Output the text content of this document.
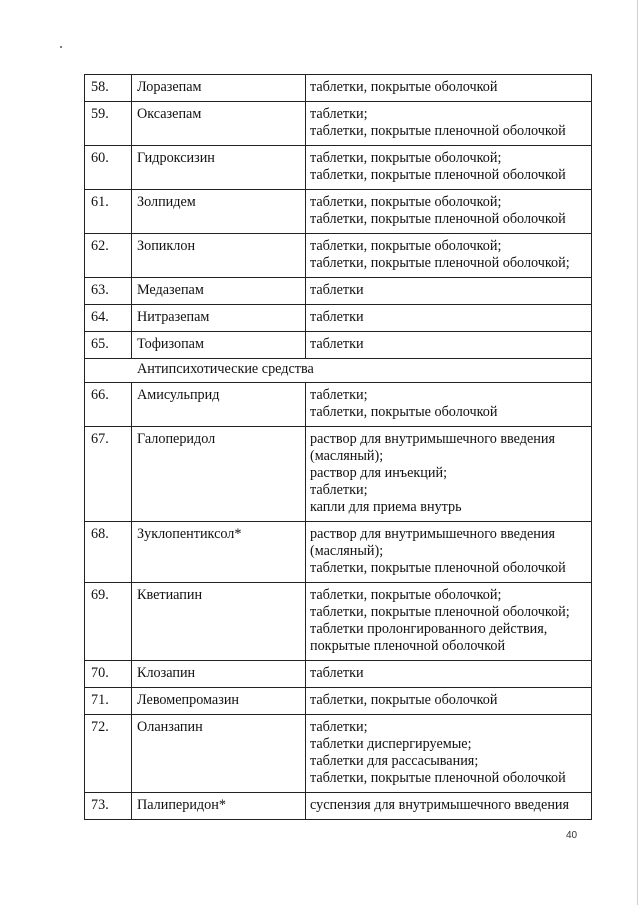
58.	Лоразепам	таблетки, покрытые оболочкой

59.	Оксазепам	таблетки;
таблетки, покрытые пленочной оболочкой

60.	Гидроксизин	таблетки, покрытые оболочкой;
таблетки, покрытые пленочной оболочкой

61.	Золпидем	таблетки, покрытые оболочкой;
таблетки, покрытые пленочной оболочкой

62.	Зопиклон	таблетки, покрытые оболочкой;
таблетки, покрытые пленочной оболочкой;

63.	Медазепам	таблетки

64.	Нитразепам	таблетки

65.	Тофизопам	таблетки

Антипсихотические средства		
66.	Амисульприд	таблетки;
таблетки, покрытые оболочкой

67.	Галоперидол	раствор для внутримышечного введения
(масляный);
раствор для инъекций;
таблетки;
капли для приема внутрь

68.	Зуклопентиксол*	раствор для внутримышечного введения
(масляный);
таблетки, покрытые пленочной оболочкой

69.	Кветиапин	таблетки, покрытые оболочкой;
таблетки, покрытые пленочной оболочкой;
таблетки пролонгированного действия,
покрытые пленочной оболочкой

70.	Клозапин	таблетки

71.	Левомепромазин	таблетки, покрытые оболочкой

72.	Оланзапин	таблетки;
таблетки диспергируемые;
таблетки для рассасывания;
таблетки, покрытые пленочной оболочкой

73.	Палиперидон*	суспензия для внутримышечного введения
40
